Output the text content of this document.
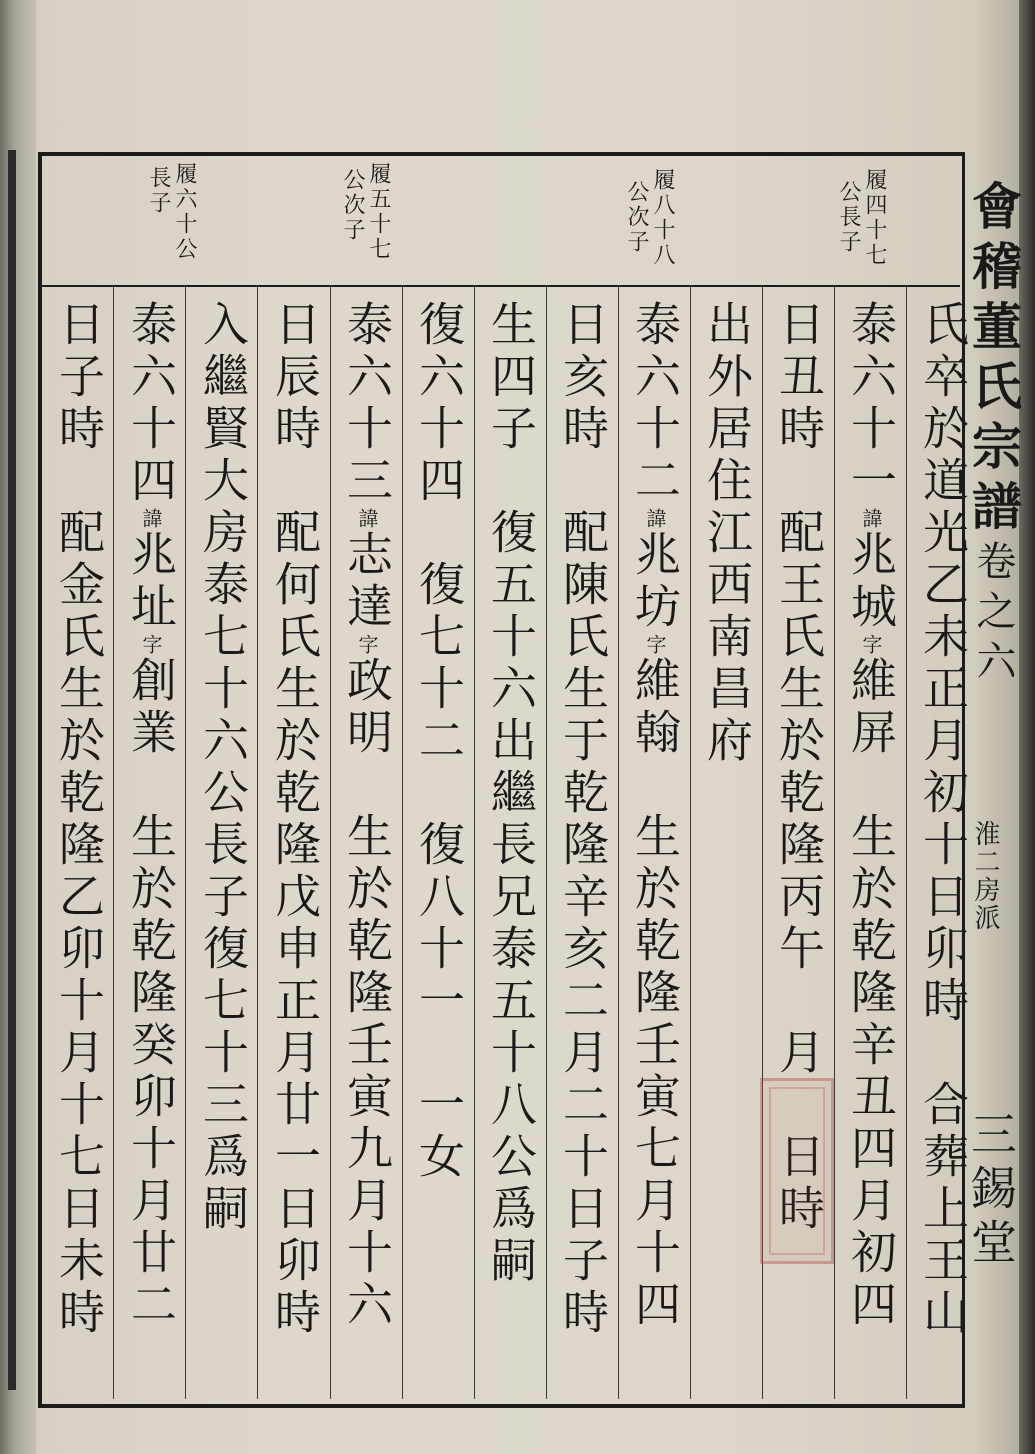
履四十七
公長子
履八十八
公次子
履五十七
公次子
履六十公
長子
氏卒於道光乙未正月初十日卯時　合葬上王山
泰六十一諱兆城字維屏　生於乾隆辛丑四月初四
日丑時　配王氏生於乾隆丙午　月　日時
出外居住江西南昌府
泰六十二諱兆坊字維翰　生於乾隆壬寅七月十四
日亥時　配陳氏生于乾隆辛亥二月二十日子時
生四子　復五十六出繼長兄泰五十八公爲嗣
復六十四　復七十二　復八十一　一女
泰六十三諱志達字政明　生於乾隆壬寅九月十六
日辰時　配何氏生於乾隆戊申正月廿一日卯時
入繼賢大房泰七十六公長子復七十三爲嗣
泰六十四諱兆址字創業　生於乾隆癸卯十月廿二
日子時　配金氏生於乾隆乙卯十月十七日未時	會稽董氏宗譜卷之六
淮二房派
三錫堂
